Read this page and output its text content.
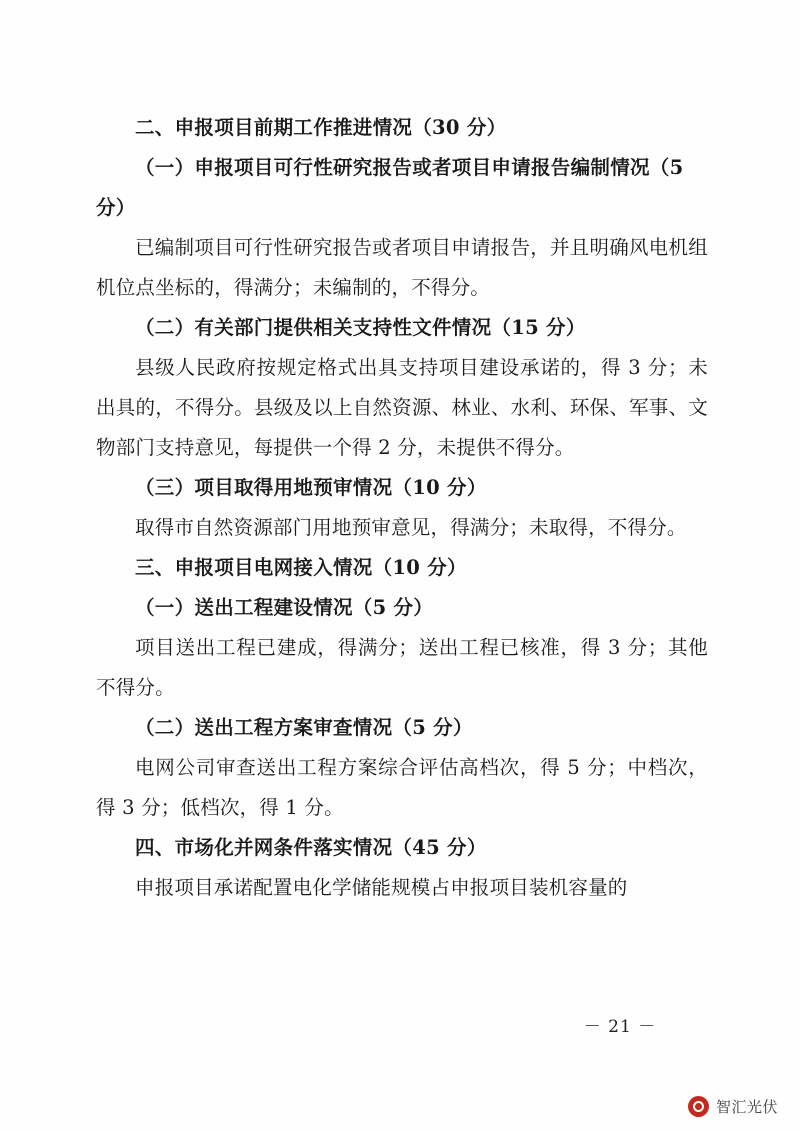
二、申报项目前期工作推进情况（30 分）

（一）申报项目可行性研究报告或者项目申请报告编制情况（5 分）

已编制项目可行性研究报告或者项目申请报告，并且明确风电机组机位点坐标的，得满分；未编制的，不得分。

（二）有关部门提供相关支持性文件情况（15 分）

县级人民政府按规定格式出具支持项目建设承诺的，得 3 分；未出具的，不得分。县级及以上自然资源、林业、水利、环保、军事、文物部门支持意见，每提供一个得 2 分，未提供不得分。

（三）项目取得用地预审情况（10 分）

取得市自然资源部门用地预审意见，得满分；未取得，不得分。

三、申报项目电网接入情况（10 分）

（一）送出工程建设情况（5 分）

项目送出工程已建成，得满分；送出工程已核准，得 3 分；其他不得分。

（二）送出工程方案审查情况（5 分）

电网公司审查送出工程方案综合评估高档次，得 5 分；中档次，得 3 分；低档次，得 1 分。

四、市场化并网条件落实情况（45 分）

申报项目承诺配置电化学储能规模占申报项目装机容量的

－ 21 －
智汇光伏
